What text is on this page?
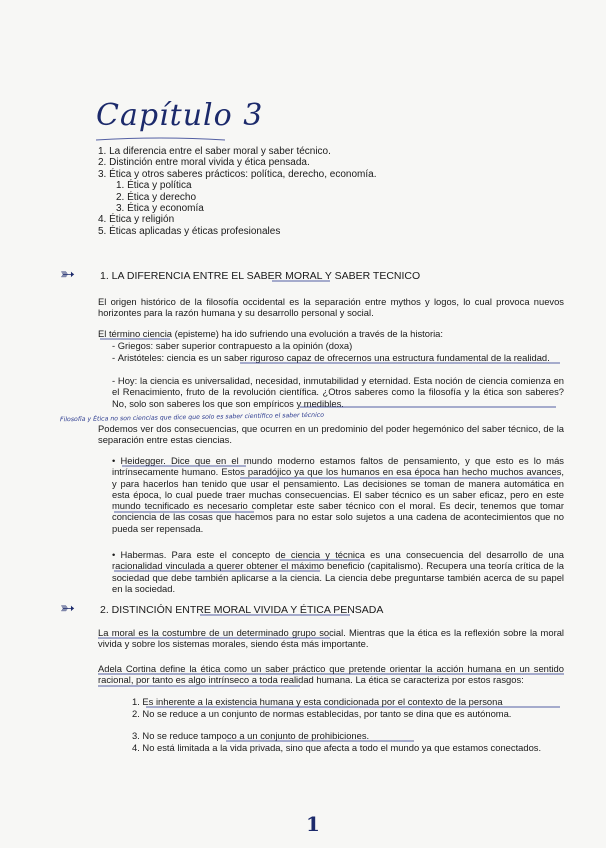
Capítulo 3
1. La diferencia entre el saber moral y saber técnico.
2. Distinción entre moral vivida y ética pensada.
3. Ética y otros saberes prácticos: política, derecho, economía.
1. Ética y política
2. Ética y derecho
3. Ética y economía
4. Ética y religión
5. Éticas aplicadas y éticas profesionales
➳ 1. LA DIFERENCIA ENTRE EL SABER MORAL Y SABER TECNICO
El origen histórico de la filosofía occidental es la separación entre mythos y logos, lo cual provoca nuevos horizontes para la razón humana y su desarrollo personal y social.
El término ciencia (episteme) ha ido sufriendo una evolución a través de la historia:
- Griegos: saber superior contrapuesto a la opinión (doxa)
- Aristóteles: ciencia es un saber riguroso capaz de ofrecernos una estructura fundamental de la realidad.
- Hoy: la ciencia es universalidad, necesidad, inmutabilidad y eternidad. Esta noción de ciencia comienza en el Renacimiento, fruto de la revolución científica. ¿Otros saberes como la filosofía y la ética son saberes? No, solo son saberes los que son empíricos y medibles.
Filosofía y Ética no son ciencias que dice que solo es saber científico el saber técnico
Podemos ver dos consecuencias, que ocurren en un predominio del poder hegemónico del saber técnico, de la separación entre estas ciencias.
• Heidegger. Dice que en el mundo moderno estamos faltos de pensamiento, y que esto es lo más intrínsecamente humano. Estos paradójico ya que los humanos en esa época han hecho muchos avances, y para hacerlos han tenido que usar el pensamiento. Las decisiones se toman de manera automática en esta época, lo cual puede traer muchas consecuencias. El saber técnico es un saber eficaz, pero en este mundo tecnificado es necesario completar este saber técnico con el moral. Es decir, tenemos que tomar conciencia de las cosas que hacemos para no estar solo sujetos a una cadena de acontecimientos que no pueda ser repensada.
• Habermas. Para este el concepto de ciencia y técnica es una consecuencia del desarrollo de una racionalidad vinculada a querer obtener el máximo beneficio (capitalismo). Recupera una teoría crítica de la sociedad que debe también aplicarse a la ciencia. La ciencia debe preguntarse también acerca de su papel en la sociedad.
➳ 2. DISTINCIÓN ENTRE MORAL VIVIDA Y ÉTICA PENSADA
La moral es la costumbre de un determinado grupo social. Mientras que la ética es la reflexión sobre la moral vivida y sobre los sistemas morales, siendo ésta más importante.
Adela Cortina define la ética como un saber práctico que pretende orientar la acción humana en un sentido racional, por tanto es algo intrínseco a toda realidad humana. La ética se caracteriza por estos rasgos:
1. Es inherente a la existencia humana y esta condicionada por el contexto de la persona
2. No se reduce a un conjunto de normas establecidas, por tanto se dina que es autónoma.
3. No se reduce tampoco a un conjunto de prohibiciones.
4. No está limitada a la vida privada, sino que afecta a todo el mundo ya que estamos conectados.
1
